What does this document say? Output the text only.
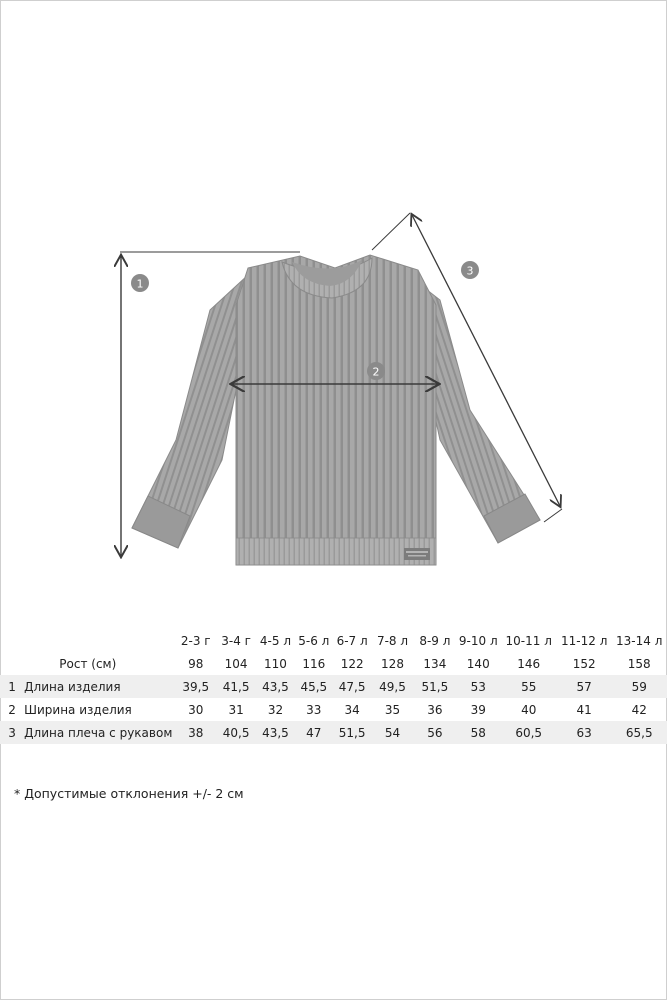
1
2
3
		2-3 г	3-4 г	4-5 л	5-6 л	6-7 л	7-8 л	8-9 л	9-10 л	10-11 л	11-12 л	13-14 л
Рост (см)		98	104	110	116	122	128	134	140	146	152	158
1	Длина изделия	39,5	41,5	43,5	45,5	47,5	49,5	51,5	53	55	57	59
2	Ширина изделия	30	31	32	33	34	35	36	39	40	41	42
3	Длина плеча с рукавом	38	40,5	43,5	47	51,5	54	56	58	60,5	63	65,5
* Допустимые отклонения +/- 2 см
